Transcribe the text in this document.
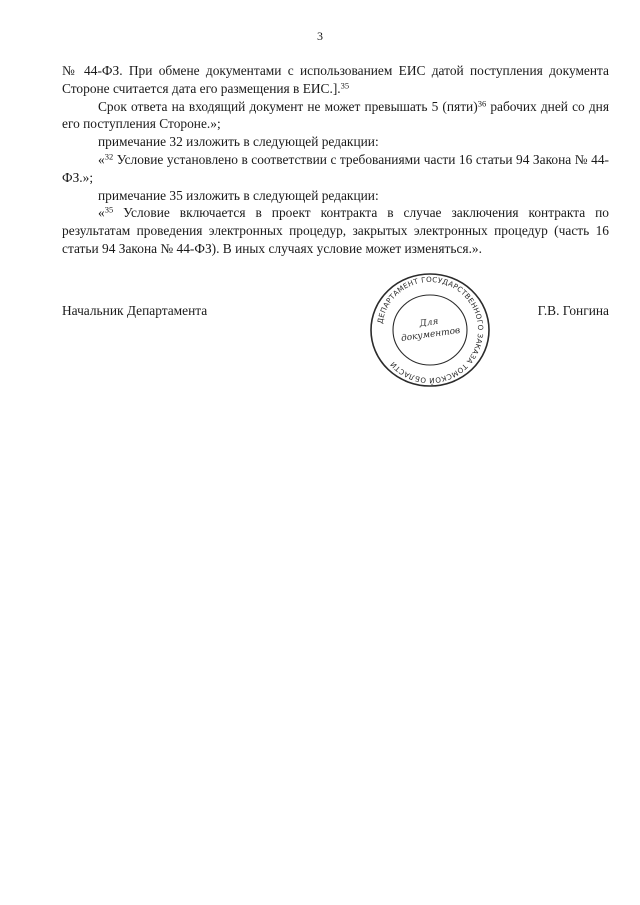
3

№ 44-ФЗ. При обмене документами с использованием ЕИС датой поступления документа Стороне считается дата его размещения в ЕИС.].$^{35}$

Срок ответа на входящий документ не может превышать 5 (пяти)$^{36}$ рабочих дней со дня его поступления Стороне.»;

примечание 32 изложить в следующей редакции:

«$^{32}$ Условие установлено в соответствии с требованиями части 16 статьи 94 Закона № 44-ФЗ.»;

примечание 35 изложить в следующей редакции:

«$^{35}$ Условие включается в проект контракта в случае заключения контракта по результатам проведения электронных процедур, закрытых электронных процедур (часть 16 статьи 94 Закона № 44-ФЗ). В иных случаях условие может изменяться.».

Начальник Департамента	Г.В. Гонгина
ДЕПАРТАМЕНТ ГОСУДАРСТВЕННОГО ЗАКАЗА ТОМСКОЙ ОБЛАСТИ
Для
документов
